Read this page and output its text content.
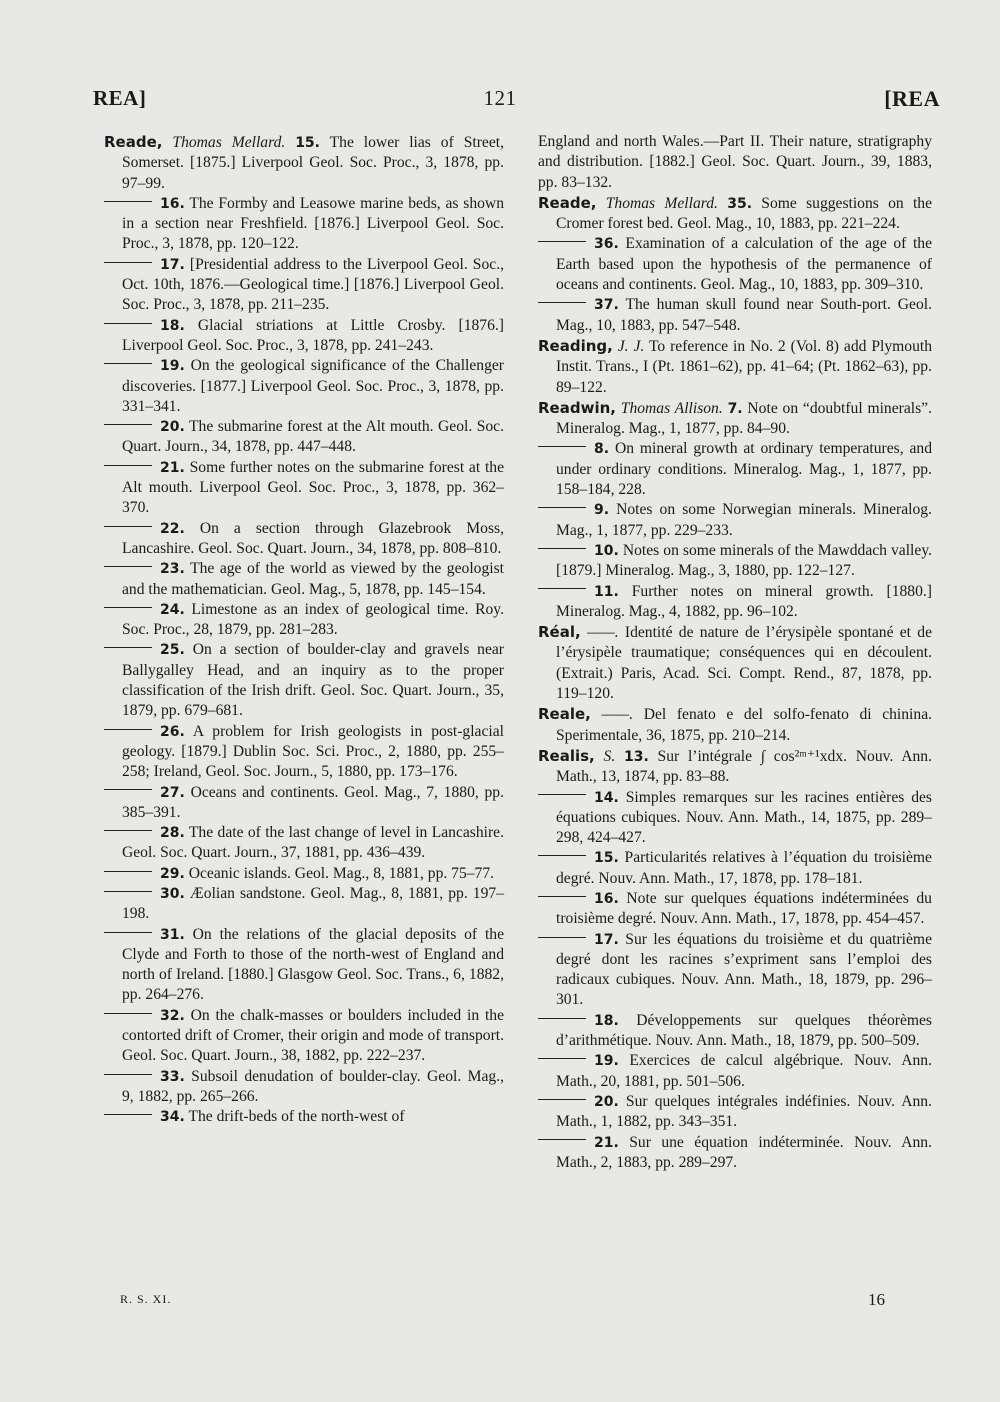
REA]	121	[REA
Reade, Thomas Mellard. 15. The lower lias of Street, Somerset. [1875.] Liverpool Geol. Soc. Proc., 3, 1878, pp. 97–99.
16. The Formby and Leasowe marine beds, as shown in a section near Freshfield. [1876.] Liverpool Geol. Soc. Proc., 3, 1878, pp. 120–122.
17. [Presidential address to the Liverpool Geol. Soc., Oct. 10th, 1876.—Geological time.] [1876.] Liverpool Geol. Soc. Proc., 3, 1878, pp. 211–235.
18. Glacial striations at Little Crosby. [1876.] Liverpool Geol. Soc. Proc., 3, 1878, pp. 241–243.
19. On the geological significance of the Challenger discoveries. [1877.] Liverpool Geol. Soc. Proc., 3, 1878, pp. 331–341.
20. The submarine forest at the Alt mouth. Geol. Soc. Quart. Journ., 34, 1878, pp. 447–448.
21. Some further notes on the submarine forest at the Alt mouth. Liverpool Geol. Soc. Proc., 3, 1878, pp. 362–370.
22. On a section through Glazebrook Moss, Lancashire. Geol. Soc. Quart. Journ., 34, 1878, pp. 808–810.
23. The age of the world as viewed by the geologist and the mathematician. Geol. Mag., 5, 1878, pp. 145–154.
24. Limestone as an index of geological time. Roy. Soc. Proc., 28, 1879, pp. 281–283.
25. On a section of boulder-clay and gravels near Ballygalley Head, and an inquiry as to the proper classification of the Irish drift. Geol. Soc. Quart. Journ., 35, 1879, pp. 679–681.
26. A problem for Irish geologists in post-glacial geology. [1879.] Dublin Soc. Sci. Proc., 2, 1880, pp. 255–258; Ireland, Geol. Soc. Journ., 5, 1880, pp. 173–176.
27. Oceans and continents. Geol. Mag., 7, 1880, pp. 385–391.
28. The date of the last change of level in Lancashire. Geol. Soc. Quart. Journ., 37, 1881, pp. 436–439.
29. Oceanic islands. Geol. Mag., 8, 1881, pp. 75–77.
30. Æolian sandstone. Geol. Mag., 8, 1881, pp. 197–198.
31. On the relations of the glacial deposits of the Clyde and Forth to those of the north-west of England and north of Ireland. [1880.] Glasgow Geol. Soc. Trans., 6, 1882, pp. 264–276.
32. On the chalk-masses or boulders included in the contorted drift of Cromer, their origin and mode of transport. Geol. Soc. Quart. Journ., 38, 1882, pp. 222–237.
33. Subsoil denudation of boulder-clay. Geol. Mag., 9, 1882, pp. 265–266.
34. The drift-beds of the north-west of
England and north Wales.—Part II. Their nature, stratigraphy and distribution. [1882.] Geol. Soc. Quart. Journ., 39, 1883, pp. 83–132.
Reade, Thomas Mellard. 35. Some suggestions on the Cromer forest bed. Geol. Mag., 10, 1883, pp. 221–224.
36. Examination of a calculation of the age of the Earth based upon the hypothesis of the permanence of oceans and continents. Geol. Mag., 10, 1883, pp. 309–310.
37. The human skull found near South-port. Geol. Mag., 10, 1883, pp. 547–548.
Reading, J. J. To reference in No. 2 (Vol. 8) add Plymouth Instit. Trans., I (Pt. 1861–62), pp. 41–64; (Pt. 1862–63), pp. 89–122.
Readwin, Thomas Allison. 7. Note on “doubtful minerals”. Mineralog. Mag., 1, 1877, pp. 84–90.
8. On mineral growth at ordinary temperatures, and under ordinary conditions. Mineralog. Mag., 1, 1877, pp. 158–184, 228.
9. Notes on some Norwegian minerals. Mineralog. Mag., 1, 1877, pp. 229–233.
10. Notes on some minerals of the Mawddach valley. [1879.] Mineralog. Mag., 3, 1880, pp. 122–127.
11. Further notes on mineral growth. [1880.] Mineralog. Mag., 4, 1882, pp. 96–102.
Réal, ——. Identité de nature de l’érysipèle spontané et de l’érysipèle traumatique; conséquences qui en découlent. (Extrait.) Paris, Acad. Sci. Compt. Rend., 87, 1878, pp. 119–120.
Reale, ——. Del fenato e del solfo-fenato di chinina. Sperimentale, 36, 1875, pp. 210–214.
Realis, S. 13. Sur l’intégrale ∫ cos²ᵐ⁺¹xdx. Nouv. Ann. Math., 13, 1874, pp. 83–88.
14. Simples remarques sur les racines entières des équations cubiques. Nouv. Ann. Math., 14, 1875, pp. 289–298, 424–427.
15. Particularités relatives à l’équation du troisième degré. Nouv. Ann. Math., 17, 1878, pp. 178–181.
16. Note sur quelques équations indéterminées du troisième degré. Nouv. Ann. Math., 17, 1878, pp. 454–457.
17. Sur les équations du troisième et du quatrième degré dont les racines s’expriment sans l’emploi des radicaux cubiques. Nouv. Ann. Math., 18, 1879, pp. 296–301.
18. Développements sur quelques théorèmes d’arithmétique. Nouv. Ann. Math., 18, 1879, pp. 500–509.
19. Exercices de calcul algébrique. Nouv. Ann. Math., 20, 1881, pp. 501–506.
20. Sur quelques intégrales indéfinies. Nouv. Ann. Math., 1, 1882, pp. 343–351.
21. Sur une équation indéterminée. Nouv. Ann. Math., 2, 1883, pp. 289–297.
R. S. XI.	16
